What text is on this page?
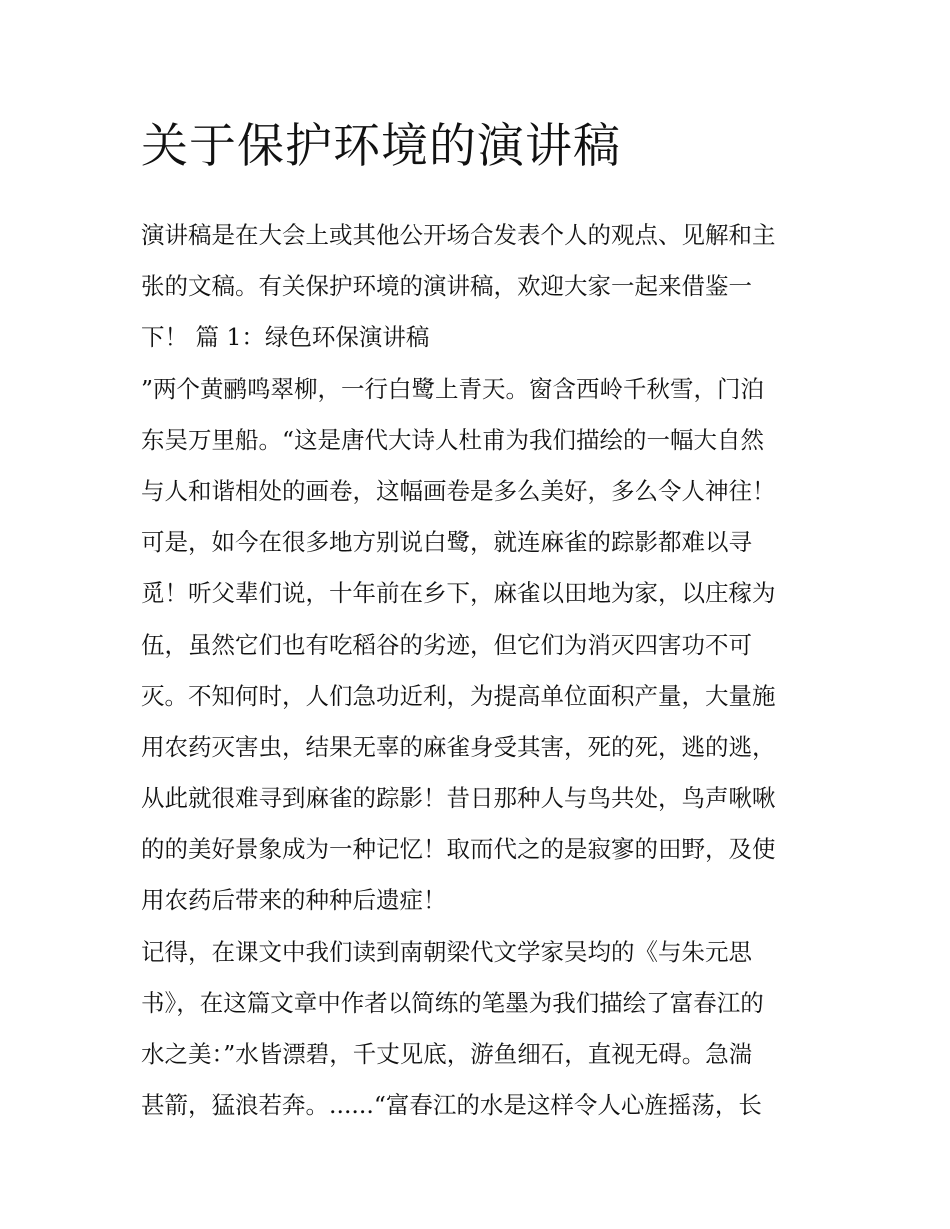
关于保护环境的演讲稿
演讲稿是在大会上或其他公开场合发表个人的观点、见解和主
张的文稿。有关保护环境的演讲稿，欢迎大家一起来借鉴一
下！ 篇 1：绿色环保演讲稿
”两个黄鹂鸣翠柳，一行白鹭上青天。窗含西岭千秋雪，门泊
东吴万里船。“这是唐代大诗人杜甫为我们描绘的一幅大自然
与人和谐相处的画卷，这幅画卷是多么美好，多么令人神往！
可是，如今在很多地方别说白鹭，就连麻雀的踪影都难以寻
觅！听父辈们说，十年前在乡下，麻雀以田地为家，以庄稼为
伍，虽然它们也有吃稻谷的劣迹，但它们为消灭四害功不可
灭。不知何时，人们急功近利，为提高单位面积产量，大量施
用农药灭害虫，结果无辜的麻雀身受其害，死的死，逃的逃，
从此就很难寻到麻雀的踪影！昔日那种人与鸟共处，鸟声啾啾
的的美好景象成为一种记忆！取而代之的是寂寥的田野，及使
用农药后带来的种种后遗症！
记得，在课文中我们读到南朝梁代文学家吴均的《与朱元思
书》，在这篇文章中作者以简练的笔墨为我们描绘了富春江的
水之美：”水皆漂碧，千丈见底，游鱼细石，直视无碍。急湍
甚箭，猛浪若奔。......“富春江的水是这样令人心旌摇荡，长
